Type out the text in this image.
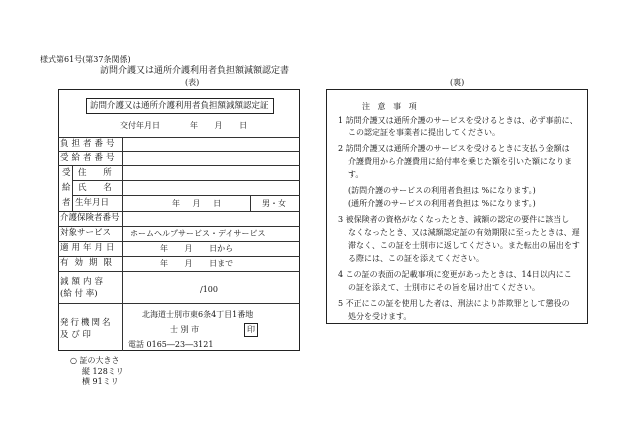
様式第61号(第37条関係)
訪問介護又は通所介護利用者負担額減額認定書
(表)	(裏)
訪問介護又は通所介護利用者負担額減額認定証
交付年月日	年 月 日
負担者番号
受給者番号
受
給
者
住 所
氏 名
生年月日	年 月 日	男・女
介護保険者番号
対象サービス ホームヘルプサービス・デイサービス
適用年月日	年 月 日から
有効期限	年 月 日まで
減額内容
(給 付 率)	/100
発行機関名
及 び 印
北海道士別市東6条4丁目1番地
士 別 市	印
電話 0165―23―3121
注 意 事 項
1 訪問介護又は通所介護のサービスを受けるときは、必ず事前に、
この認定証を事業者に提出してください。
2 訪問介護又は通所介護のサービスを受けるときに支払う金額は
介護費用から介護費用に給付率を乗じた額を引いた額になりま
す。
(訪問介護のサービスの利用者負担は %になります。)
(通所介護のサービスの利用者負担は %になります。)
3 被保険者の資格がなくなったとき、減額の認定の要件に該当し
なくなったとき、又は減額認定証の有効期限に至ったときは、遅
滞なく、この証を士別市に返してください。また転出の届出をす
る際には、この証を添えてください。
4 この証の表面の記載事項に変更があったときは、14日以内にこ
の証を添えて、士別市にその旨を届け出てください。
5 不正にこの証を使用した者は、刑法により詐欺罪として懲役の
処分を受けます。
○ 証の大きさ
縦 128ミリ
横 91ミリ
